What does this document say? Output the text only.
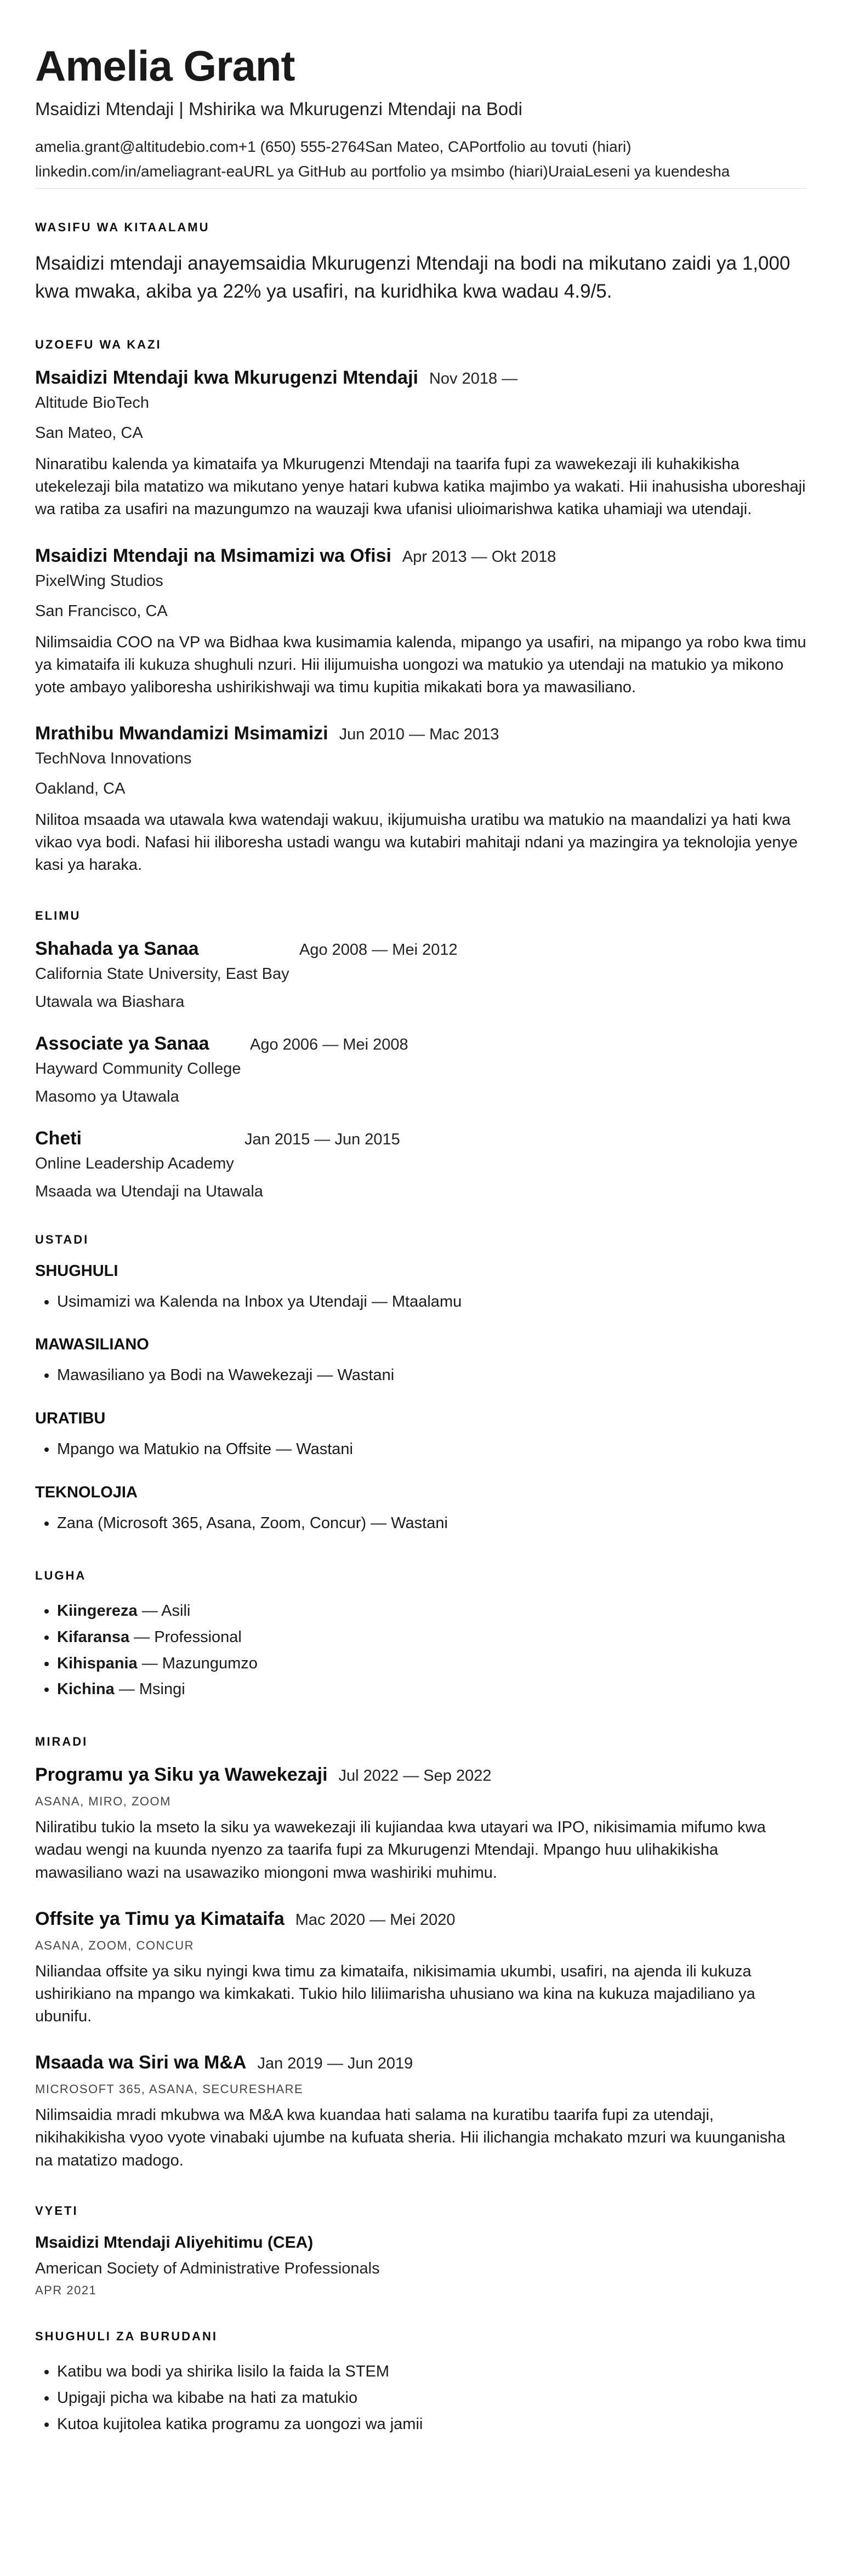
Amelia Grant
Msaidizi Mtendaji | Mshirika wa Mkurugenzi Mtendaji na Bodi
amelia.grant@altitudebio.com+1 (650) 555-2764San Mateo, CAPortfolio au tovuti (hiari)
linkedin.com/in/ameliagrant-eaURL ya GitHub au portfolio ya msimbo (hiari)UraiaLeseni ya kuendesha
WASIFU WA KITAALAMU

Msaidizi mtendaji anayemsaidia Mkurugenzi Mtendaji na bodi na mikutano zaidi ya 1,000 kwa mwaka, akiba ya 22% ya usafiri, na kuridhika kwa wadau 4.9/5.

UZOEFU WA KAZI
Msaidizi Mtendaji kwa Mkurugenzi Mtendaji Nov 2018 —
Altitude BioTech
San Mateo, CA
Ninaratibu kalenda ya kimataifa ya Mkurugenzi Mtendaji na taarifa fupi za wawekezaji ili kuhakikisha utekelezaji bila matatizo wa mikutano yenye hatari kubwa katika majimbo ya wakati. Hii inahusisha uboreshaji wa ratiba za usafiri na mazungumzo na wauzaji kwa ufanisi ulioimarishwa katika uhamiaji wa utendaji.
Msaidizi Mtendaji na Msimamizi wa Ofisi Apr 2013 — Okt 2018
PixelWing Studios
San Francisco, CA
Nilimsaidia COO na VP wa Bidhaa kwa kusimamia kalenda, mipango ya usafiri, na mipango ya robo kwa timu ya kimataifa ili kukuza shughuli nzuri. Hii ilijumuisha uongozi wa matukio ya utendaji na matukio ya mikono yote ambayo yaliboresha ushirikishwaji wa timu kupitia mikakati bora ya mawasiliano.
Mrathibu Mwandamizi Msimamizi Jun 2010 — Mac 2013
TechNova Innovations
Oakland, CA
Nilitoa msaada wa utawala kwa watendaji wakuu, ikijumuisha uratibu wa matukio na maandalizi ya hati kwa vikao vya bodi. Nafasi hii iliboresha ustadi wangu wa kutabiri mahitaji ndani ya mazingira ya teknolojia yenye kasi ya haraka.
ELIMU
Shahada ya Sanaa	Ago 2008 — Mei 2012
California State University, East Bay
Utawala wa Biashara
Associate ya Sanaa	Ago 2006 — Mei 2008
Hayward Community College
Masomo ya Utawala
Cheti	Jan 2015 — Jun 2015
Online Leadership Academy
Msaada wa Utendaji na Utawala
USTADI
SHUGHULI
• Usimamizi wa Kalenda na Inbox ya Utendaji — Mtaalamu
MAWASILIANO
• Mawasiliano ya Bodi na Wawekezaji — Wastani
URATIBU
• Mpango wa Matukio na Offsite — Wastani
TEKNOLOJIA
• Zana (Microsoft 365, Asana, Zoom, Concur) — Wastani
LUGHA
• Kiingereza — Asili
• Kifaransa — Professional
• Kihispania — Mazungumzo
• Kichina — Msingi
MIRADI
Programu ya Siku ya Wawekezaji Jul 2022 — Sep 2022
ASANA, MIRO, ZOOM
Niliratibu tukio la mseto la siku ya wawekezaji ili kujiandaa kwa utayari wa IPO, nikisimamia mifumo kwa wadau wengi na kuunda nyenzo za taarifa fupi za Mkurugenzi Mtendaji. Mpango huu ulihakikisha mawasiliano wazi na usawaziko miongoni mwa washiriki muhimu.
Offsite ya Timu ya Kimataifa Mac 2020 — Mei 2020
ASANA, ZOOM, CONCUR
Niliandaa offsite ya siku nyingi kwa timu za kimataifa, nikisimamia ukumbi, usafiri, na ajenda ili kukuza ushirikiano na mpango wa kimkakati. Tukio hilo liliimarisha uhusiano wa kina na kukuza majadiliano ya ubunifu.
Msaada wa Siri wa M&A Jan 2019 — Jun 2019
MICROSOFT 365, ASANA, SECURESHARE
Nilimsaidia mradi mkubwa wa M&A kwa kuandaa hati salama na kuratibu taarifa fupi za utendaji, nikihakikisha vyoo vyote vinabaki ujumbe na kufuata sheria. Hii ilichangia mchakato mzuri wa kuunganisha na matatizo madogo.
VYETI
Msaidizi Mtendaji Aliyehitimu (CEA)
American Society of Administrative Professionals
APR 2021
SHUGHULI ZA BURUDANI
• Katibu wa bodi ya shirika lisilo la faida la STEM
• Upigaji picha wa kibabe na hati za matukio
• Kutoa kujitolea katika programu za uongozi wa jamii
